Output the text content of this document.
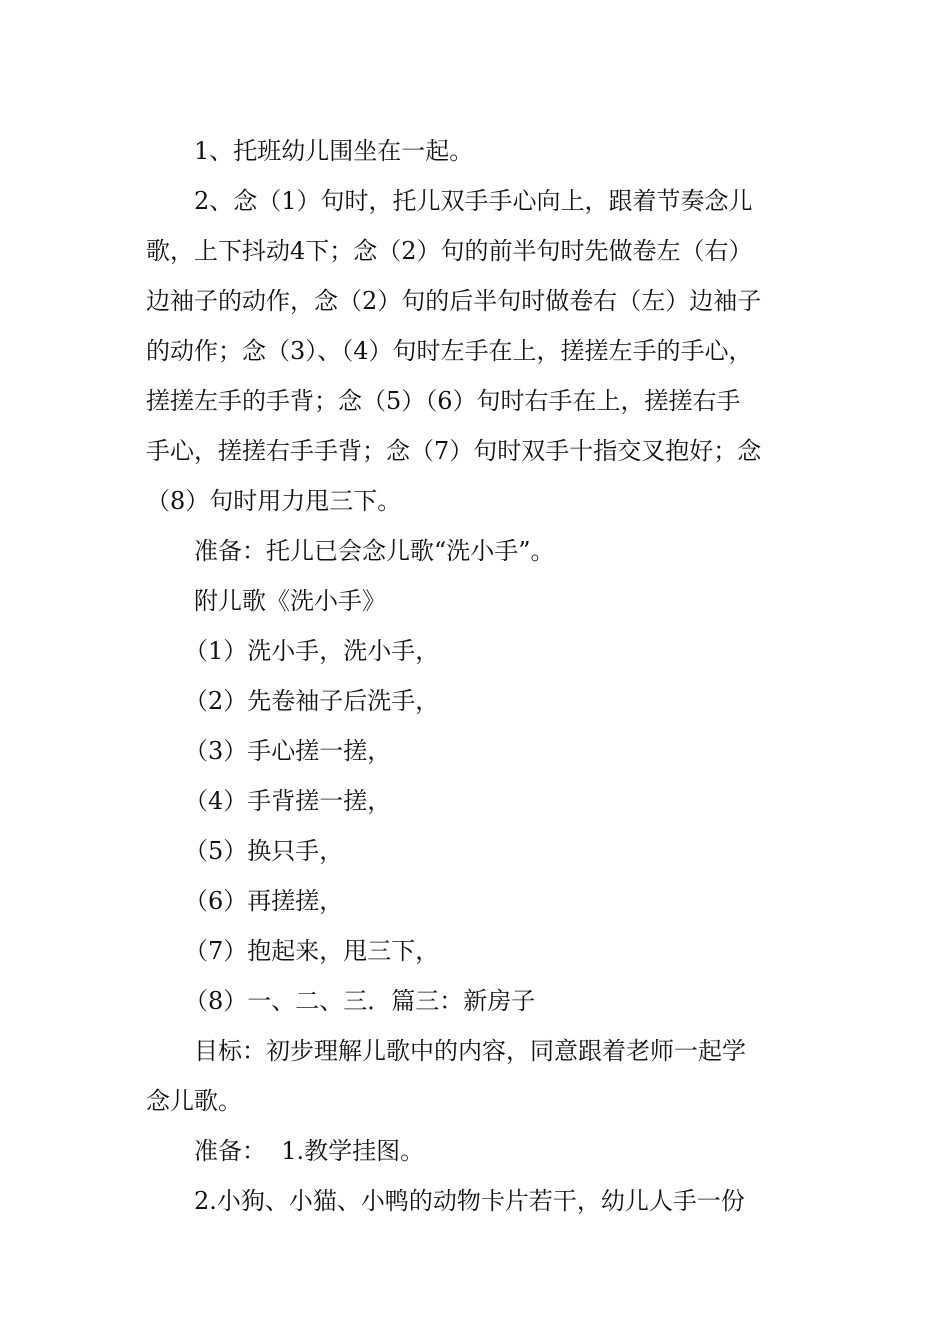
1、托班幼儿围坐在一起。
2、念（1）句时，托儿双手手心向上，跟着节奏念儿
歌，上下抖动4下；念（2）句的前半句时先做卷左（右）
边袖子的动作，念（2）句的后半句时做卷右（左）边袖子
的动作；念（3）、（4）句时左手在上，搓搓左手的手心，
搓搓左手的手背；念（5）（6）句时右手在上，搓搓右手
手心，搓搓右手手背；念（7）句时双手十指交叉抱好；念
（8）句时用力甩三下。
准备：托儿已会念儿歌“洗小手”。
附儿歌《洗小手》
（1）洗小手，洗小手，
（2）先卷袖子后洗手，
（3）手心搓一搓，
（4）手背搓一搓，
（5）换只手，
（6）再搓搓，
（7）抱起来，甩三下，
（8）一、二、三．篇三：新房子
目标：初步理解儿歌中的内容，同意跟着老师一起学
念儿歌。
准备：  1.教学挂图。
2.小狗、小猫、小鸭的动物卡片若干，幼儿人手一份
